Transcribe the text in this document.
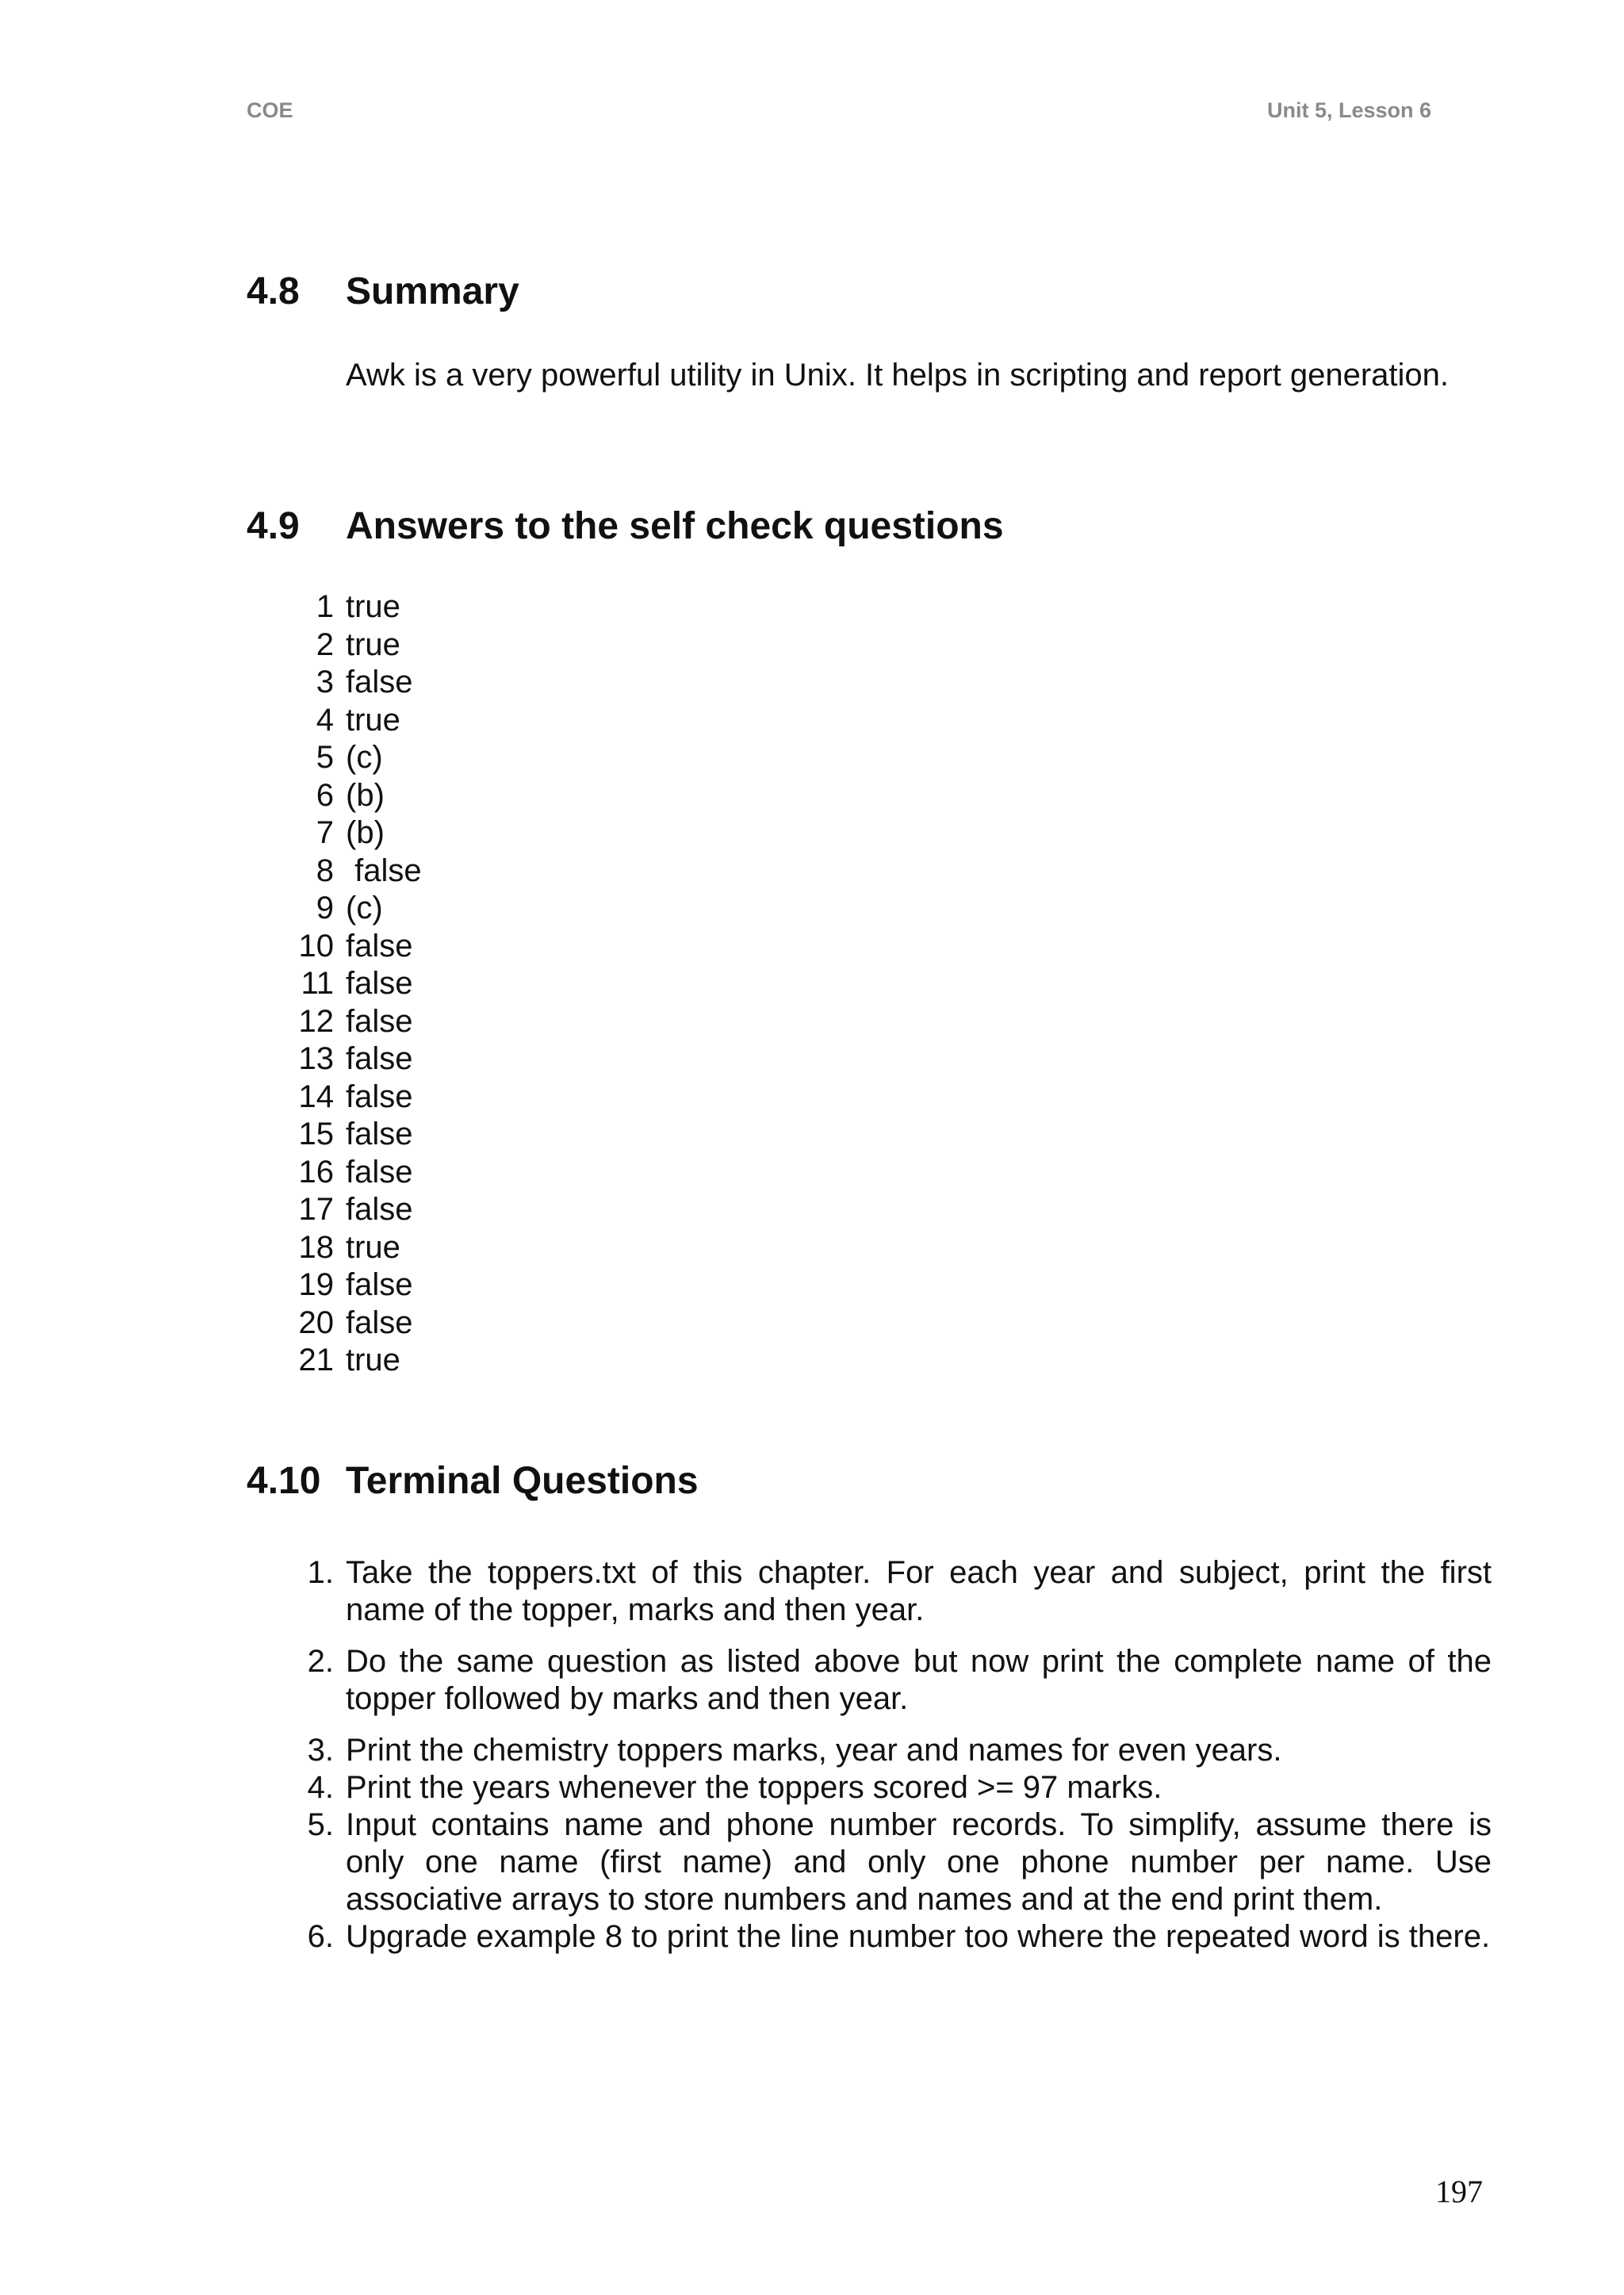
COE	Unit 5, Lesson 6
4.8	Summary

Awk is a very powerful utility in Unix. It helps in scripting and report generation.

4.9	Answers to the self check questions
1 true
2 true
3 false
4 true
5 (c)
6 (b)
7 (b)
8 false
9 (c)
10 false
11 false
12 false
13 false
14 false
15 false
16 false
17 false
18 true
19 false
20 false
21 true
4.10 Terminal Questions
1. Take the toppers.txt of this chapter. For each year and subject, print the first name of the topper, marks and then year.
2. Do the same question as listed above but now print the complete name of the topper followed by marks and then year.
3. Print the chemistry toppers marks, year and names for even years.
4. Print the years whenever the toppers scored >= 97 marks.
5. Input contains name and phone number records. To simplify, assume there is only one name (first name) and only one phone number per name. Use associative arrays to store numbers and names and at the end print them.
6. Upgrade example 8 to print the line number too where the repeated word is there.
197
